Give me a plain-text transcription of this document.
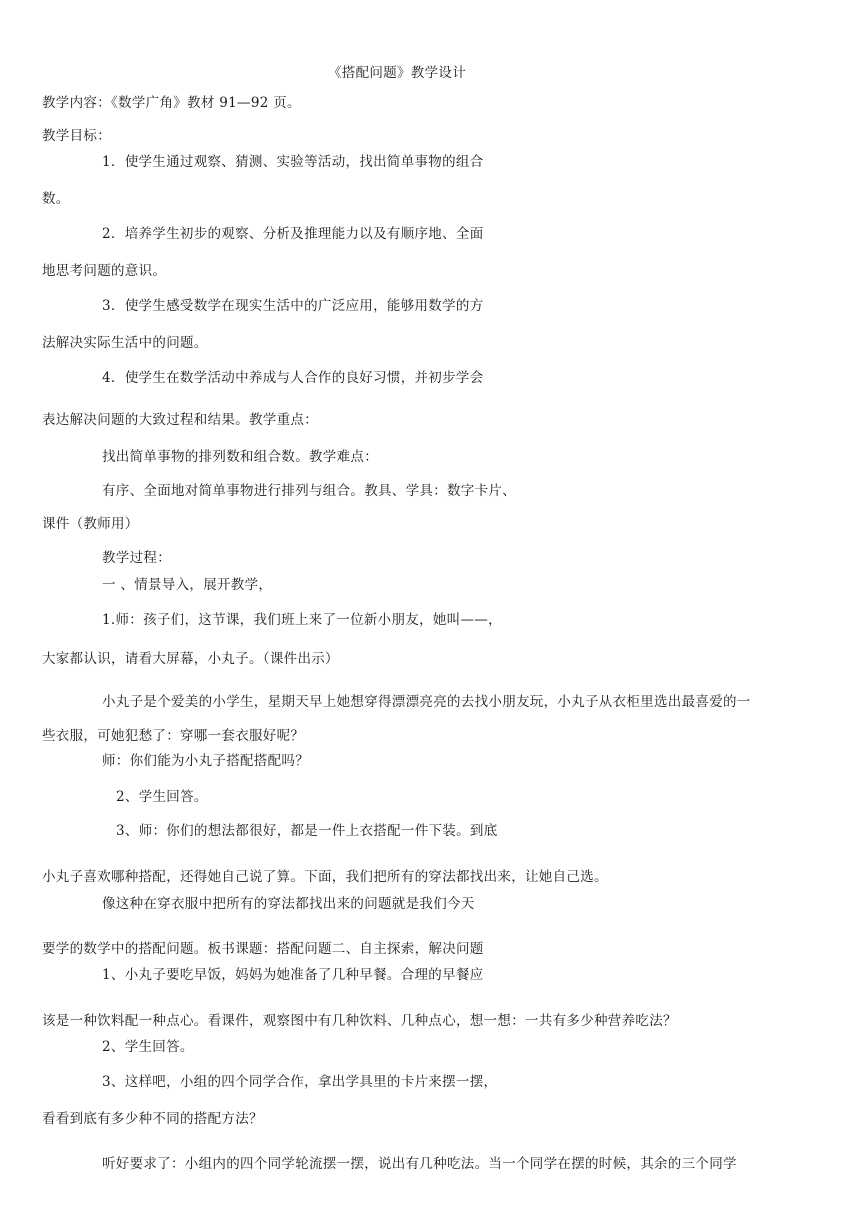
《搭配问题》教学设计
教学内容：《数学广角》教材 91—92 页。
教学目标：
1．使学生通过观察、猜测、实验等活动，找出简单事物的组合
数。
2．培养学生初步的观察、分析及推理能力以及有顺序地、全面
地思考问题的意识。
3．使学生感受数学在现实生活中的广泛应用，能够用数学的方
法解决实际生活中的问题。
4．使学生在数学活动中养成与人合作的良好习惯，并初步学会
表达解决问题的大致过程和结果。教学重点：
找出简单事物的排列数和组合数。教学难点：
有序、全面地对简单事物进行排列与组合。教具、学具：数字卡片、
课件（教师用）
教学过程：
一 、情景导入，展开教学，
1.师：孩子们，这节课，我们班上来了一位新小朋友，她叫——，
大家都认识，请看大屏幕，小丸子。（课件出示）
小丸子是个爱美的小学生，星期天早上她想穿得漂漂亮亮的去找小朋友玩，小丸子从衣柜里选出最喜爱的一
些衣服，可她犯愁了：穿哪一套衣服好呢？
师：你们能为小丸子搭配搭配吗？
2、学生回答。
3、师：你们的想法都很好，都是一件上衣搭配一件下装。到底
小丸子喜欢哪种搭配，还得她自己说了算。下面，我们把所有的穿法都找出来，让她自己选。
像这种在穿衣服中把所有的穿法都找出来的问题就是我们今天
要学的数学中的搭配问题。板书课题：搭配问题二、自主探索，解决问题
1、小丸子要吃早饭，妈妈为她准备了几种早餐。合理的早餐应
该是一种饮料配一种点心。看课件，观察图中有几种饮料、几种点心，想一想：一共有多少种营养吃法？
2、学生回答。
3、这样吧，小组的四个同学合作，拿出学具里的卡片来摆一摆，
看看到底有多少种不同的搭配方法？
听好要求了：小组内的四个同学轮流摆一摆，说出有几种吃法。当一个同学在摆的时候，其余的三个同学
